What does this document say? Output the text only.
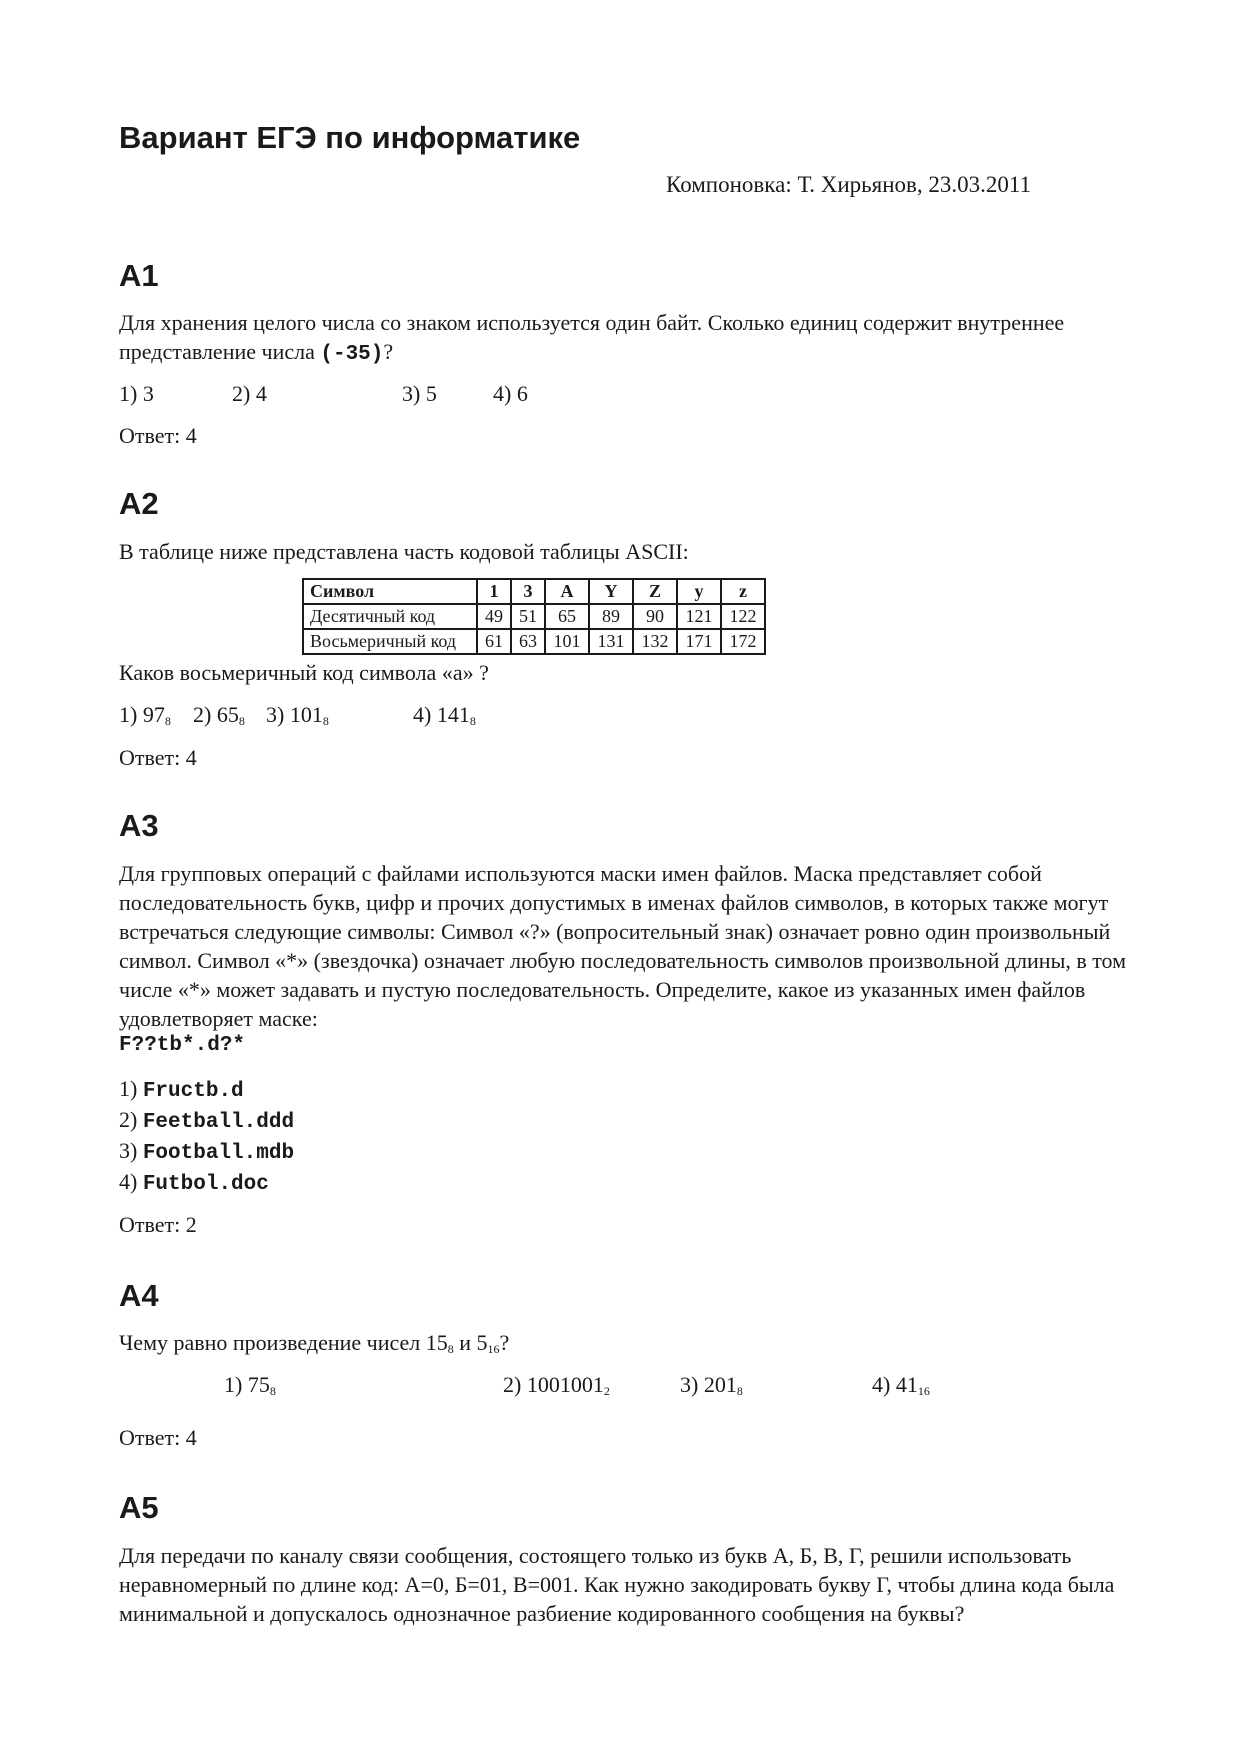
Вариант ЕГЭ по информатике
Компоновка: Т. Хирьянов, 23.03.2011
A1
Для хранения целого числа со знаком используется один байт. Сколько единиц содержит внутреннее представление числа (-35)?
1) 3	2) 4	3) 5	4) 6
Ответ: 4
A2
В таблице ниже представлена часть кодовой таблицы ASCII:
Символ	1	3	A	Y	Z	y	z
Десятичный код	49	51	65	89	90	121	122
Восьмеричный код	61	63	101	131	132	171	172
Каков восьмеричный код символа «a» ?
1) $97_8$ 2) $65_8$ 3) $101_8$	4) $141_8$
Ответ: 4
A3
Для групповых операций с файлами используются маски имен файлов. Маска представляет собой последовательность букв, цифр и прочих допустимых в именах файлов символов, в которых также могут встречаться следующие символы: Символ «?» (вопросительный знак) означает ровно один произвольный символ. Символ «*» (звездочка) означает любую последовательность символов произвольной длины, в том числе «*» может задавать и пустую последовательность. Определите, какое из указанных имен файлов удовлетворяет маске:
F??tb*.d?*
1) Fructb.d
2) Feetball.ddd
3) Football.mdb
4) Futbol.doc
Ответ: 2
A4
Чему равно произведение чисел $15_8$ и $5_{16}$?
1) $75_8$	2) $1001001_2$	3) $201_8$	4) $41_{16}$
Ответ: 4
A5
Для передачи по каналу связи сообщения, состоящего только из букв А, Б, В, Г, решили использовать неравномерный по длине код: A=0, Б=01, В=001. Как нужно закодировать букву Г, чтобы длина кода была минимальной и допускалось однозначное разбиение кодированного сообщения на буквы?
